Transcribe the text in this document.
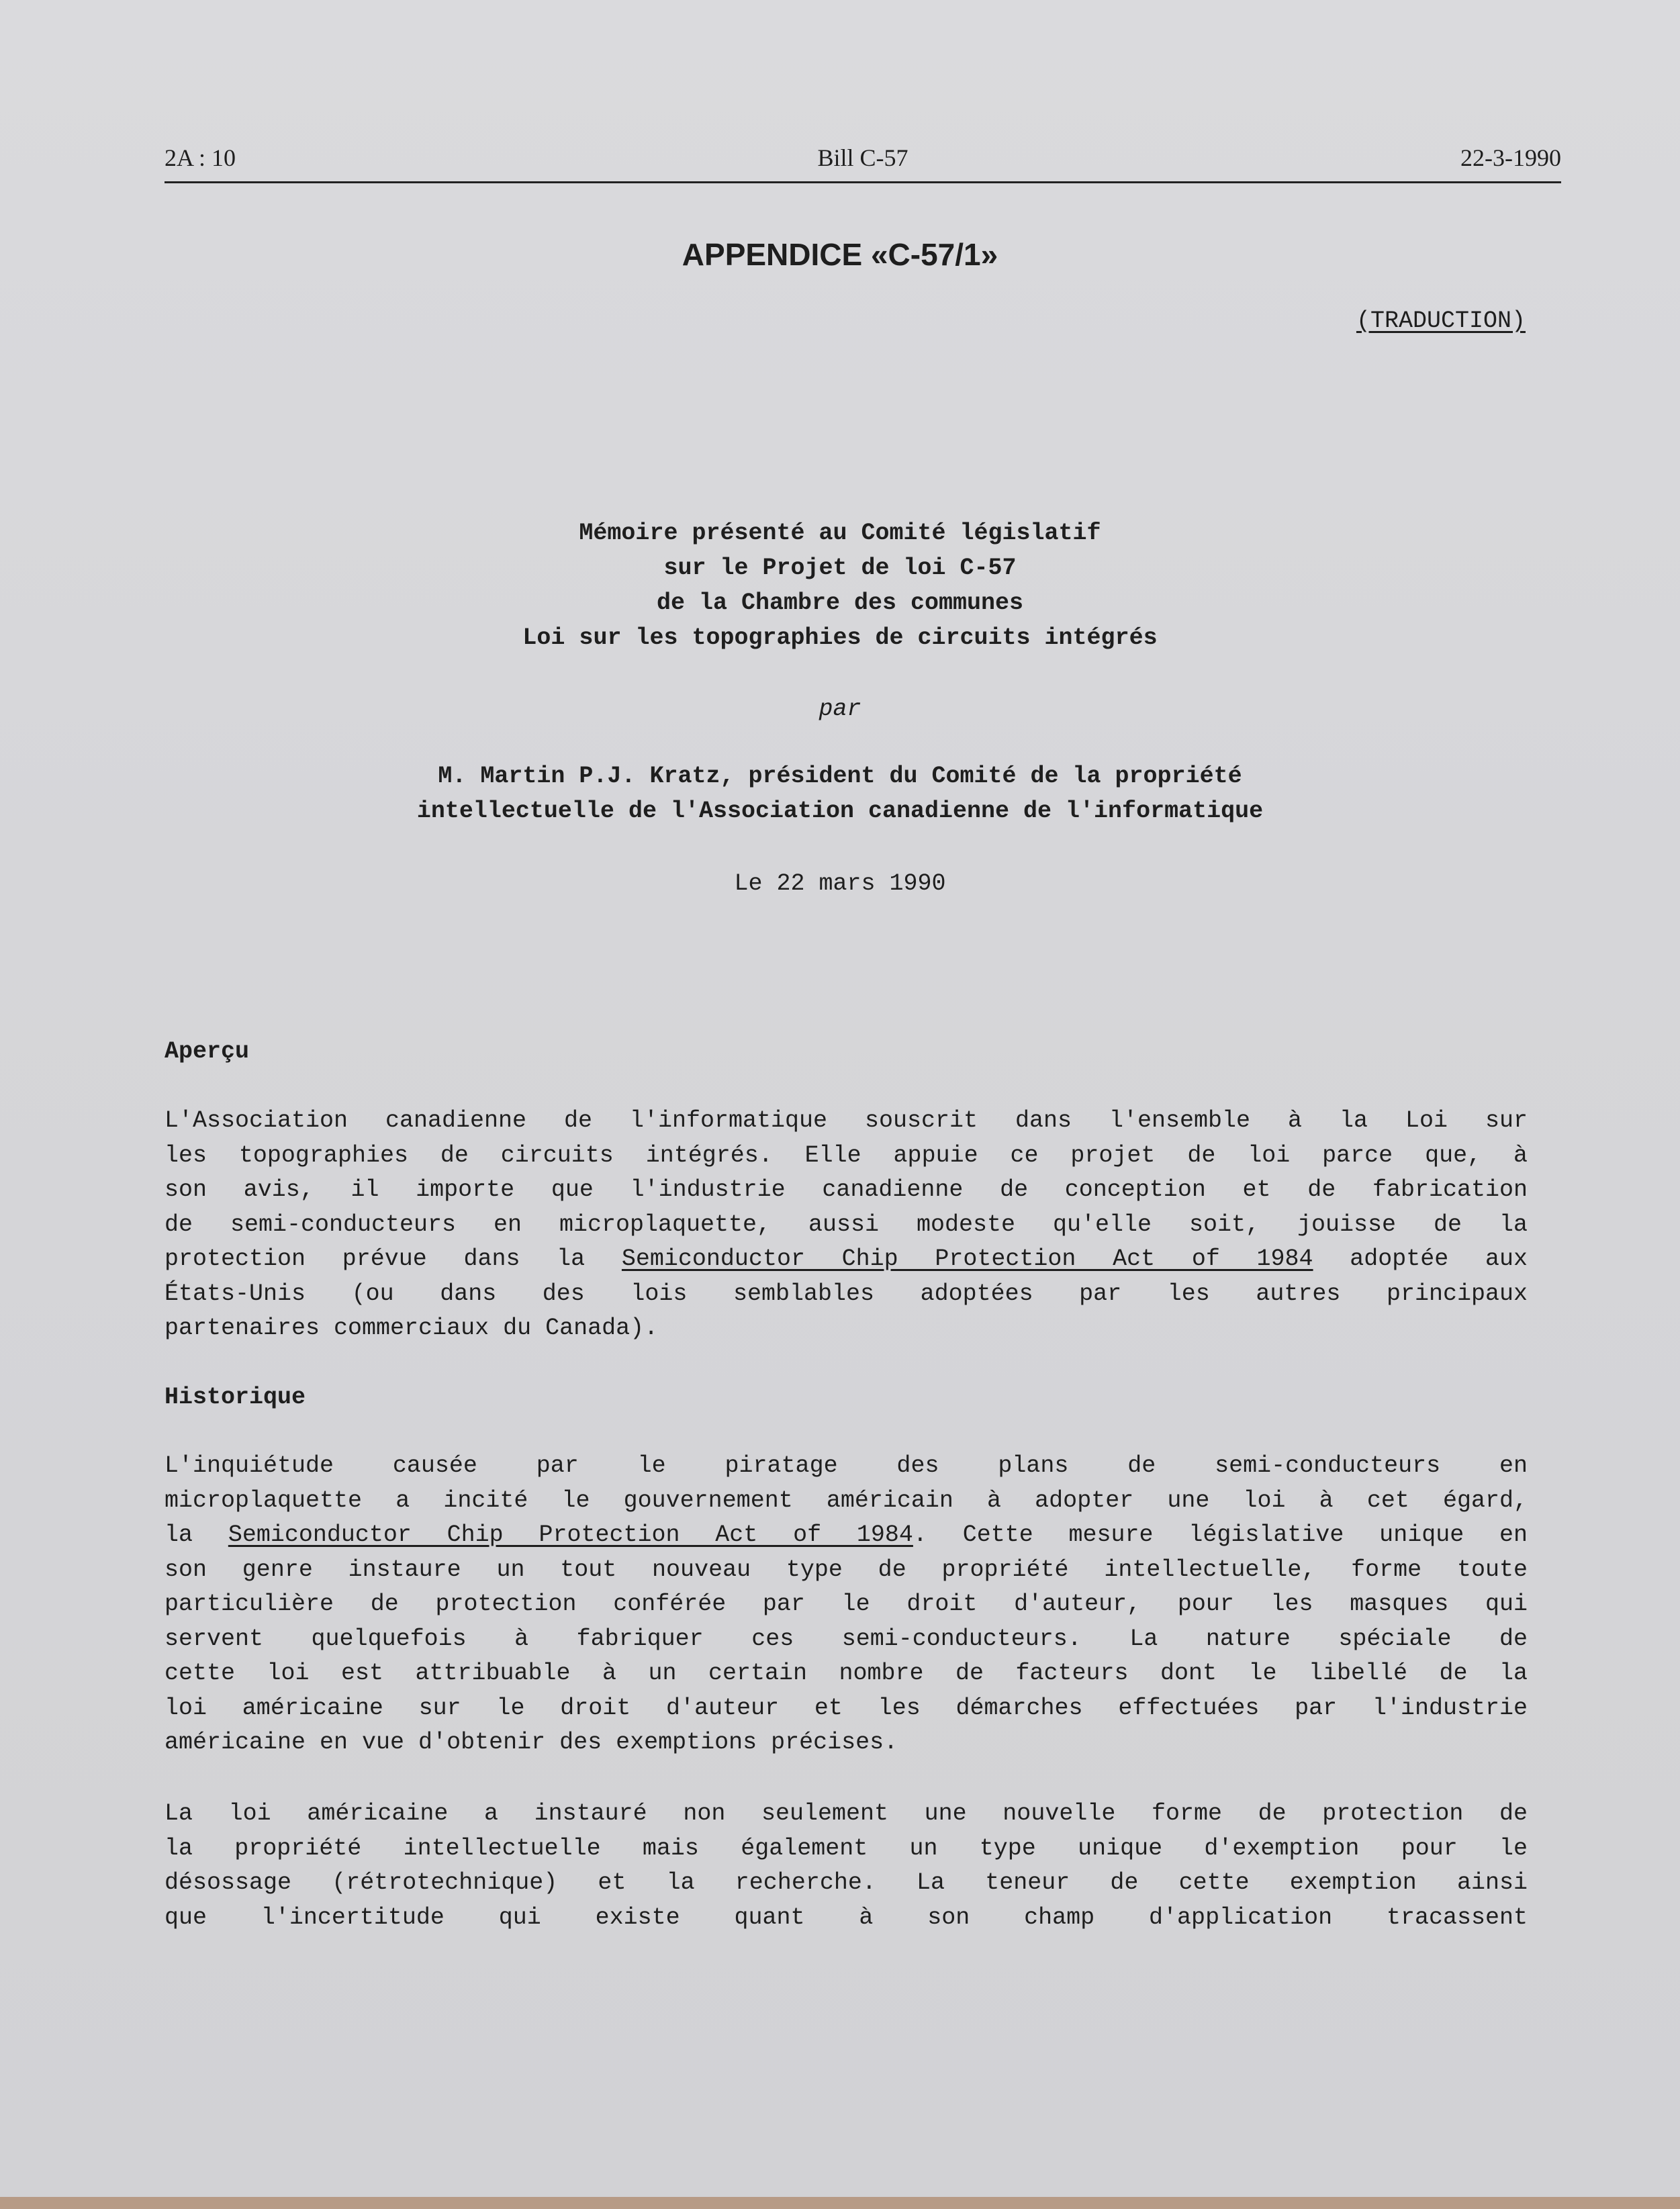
2A : 10	Bill C-57	22-3-1990
APPENDICE «C-57/1»
(TRADUCTION)
Mémoire présenté au Comité législatif
sur le Projet de loi C-57
de la Chambre des communes
Loi sur les topographies de circuits intégrés
par
M. Martin P.J. Kratz, président du Comité de la propriété
intellectuelle de l'Association canadienne de l'informatique
Le 22 mars 1990
Aperçu
L'Association canadienne de l'informatique souscrit dans l'ensemble à la Loi sur
les topographies de circuits intégrés. Elle appuie ce projet de loi parce que, à
son avis, il importe que l'industrie canadienne de conception et de fabrication
de semi-conducteurs en microplaquette, aussi modeste qu'elle soit, jouisse de la
protection prévue dans la Semiconductor Chip Protection Act of 1984 adoptée aux
États-Unis (ou dans des lois semblables adoptées par les autres principaux
partenaires commerciaux du Canada).
Historique
L'inquiétude causée par le piratage des plans de semi-conducteurs en
microplaquette a incité le gouvernement américain à adopter une loi à cet égard,
la Semiconductor Chip Protection Act of 1984. Cette mesure législative unique en
son genre instaure un tout nouveau type de propriété intellectuelle, forme toute
particulière de protection conférée par le droit d'auteur, pour les masques qui
servent quelquefois à fabriquer ces semi-conducteurs. La nature spéciale de
cette loi est attribuable à un certain nombre de facteurs dont le libellé de la
loi américaine sur le droit d'auteur et les démarches effectuées par l'industrie
américaine en vue d'obtenir des exemptions précises.
La loi américaine a instauré non seulement une nouvelle forme de protection de
la propriété intellectuelle mais également un type unique d'exemption pour le
désossage (rétrotechnique) et la recherche. La teneur de cette exemption ainsi
que l'incertitude qui existe quant à son champ d'application tracassent
